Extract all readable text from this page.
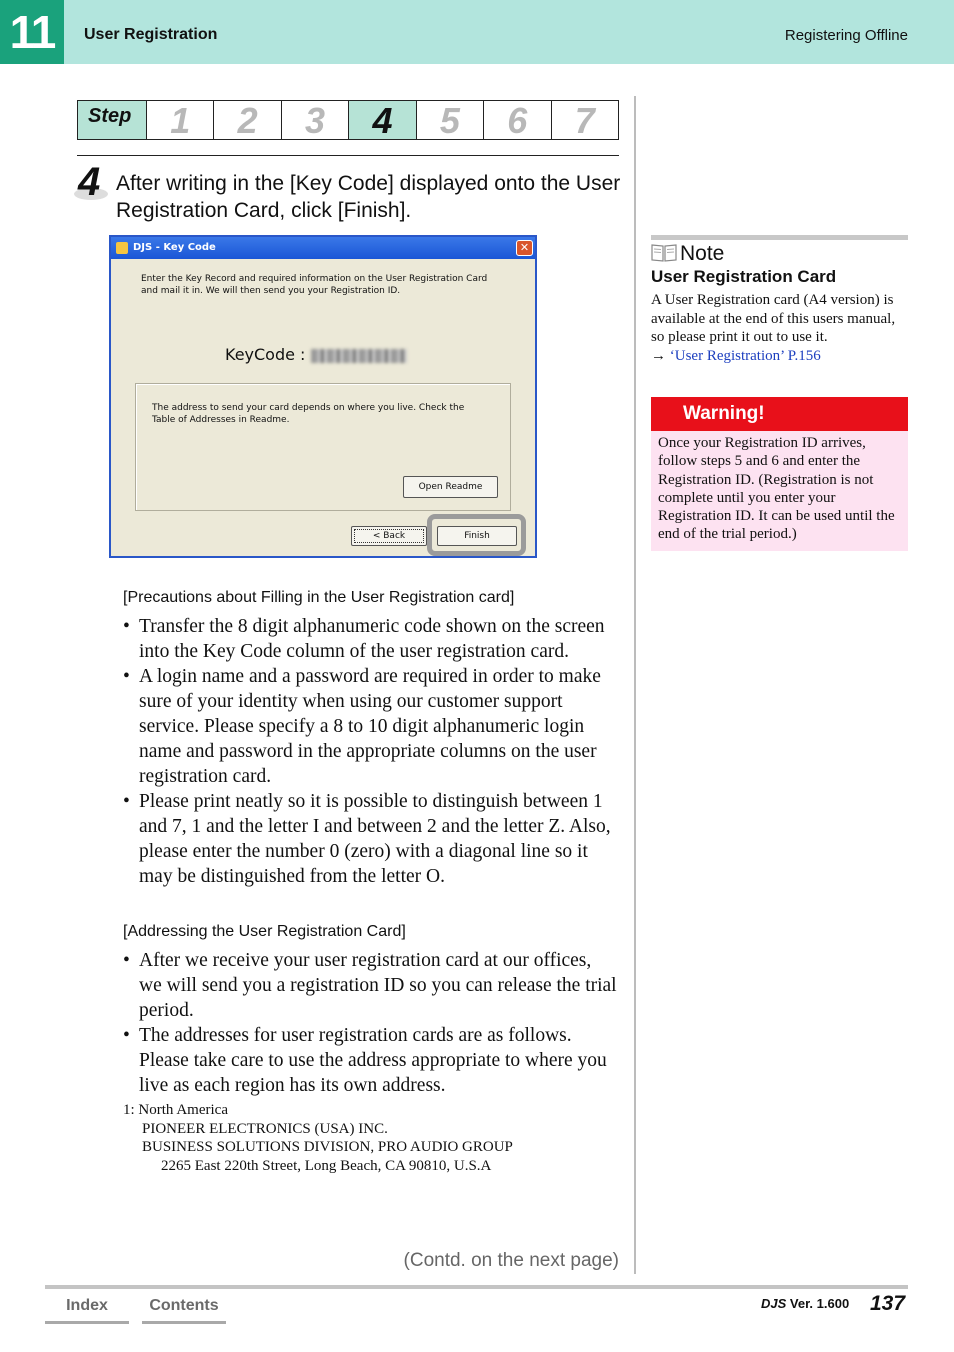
11	User Registration	Registering Offline
Step	1	2	3	4	5	6	7
4 After writing in the [Key Code] displayed onto the User Registration Card, click [Finish].
DJS - Key Code	✕
Enter the Key Record and required information on the User Registration Card
and mail it in. We will then send you your Registration ID.
KeyCode :
The address to send your card depends on where you live. Check the
Table of Addresses in Readme.
Open Readme
< Back	Finish
[Precautions about Filling in the User Registration card]
• Transfer the 8 digit alphanumeric code shown on the screen into the Key Code column of the user registration card.
• A login name and a password are required in order to make sure of your identity when using our customer support service. Please specify a 8 to 10 digit alphanumeric login name and password in the appropriate columns on the user registration card.
• Please print neatly so it is possible to distinguish between 1 and 7, 1 and the letter I and between 2 and the letter Z. Also, please enter the number 0 (zero) with a diagonal line so it may be distinguished from the letter O.
[Addressing the User Registration Card]
• After we receive your user registration card at our offices, we will send you a registration ID so you can release the trial period.
• The addresses for user registration cards are as follows. Please take care to use the address appropriate to where you live as each region has its own address.
1: North America
PIONEER ELECTRONICS (USA) INC.
BUSINESS SOLUTIONS DIVISION, PRO AUDIO GROUP
2265 East 220th Street, Long Beach, CA 90810, U.S.A
(Contd. on the next page)
Note
User Registration Card
A User Registration card (A4 version) is available at the end of this users manual, so please print it out to use it.
→ ‘User Registration’ P.156
Warning!
Once your Registration ID arrives, follow steps 5 and 6 and enter the Registration ID. (Registration is not complete until you enter your Registration ID. It can be used until the end of the trial period.)
Index	Contents	DJS Ver. 1.600 137
